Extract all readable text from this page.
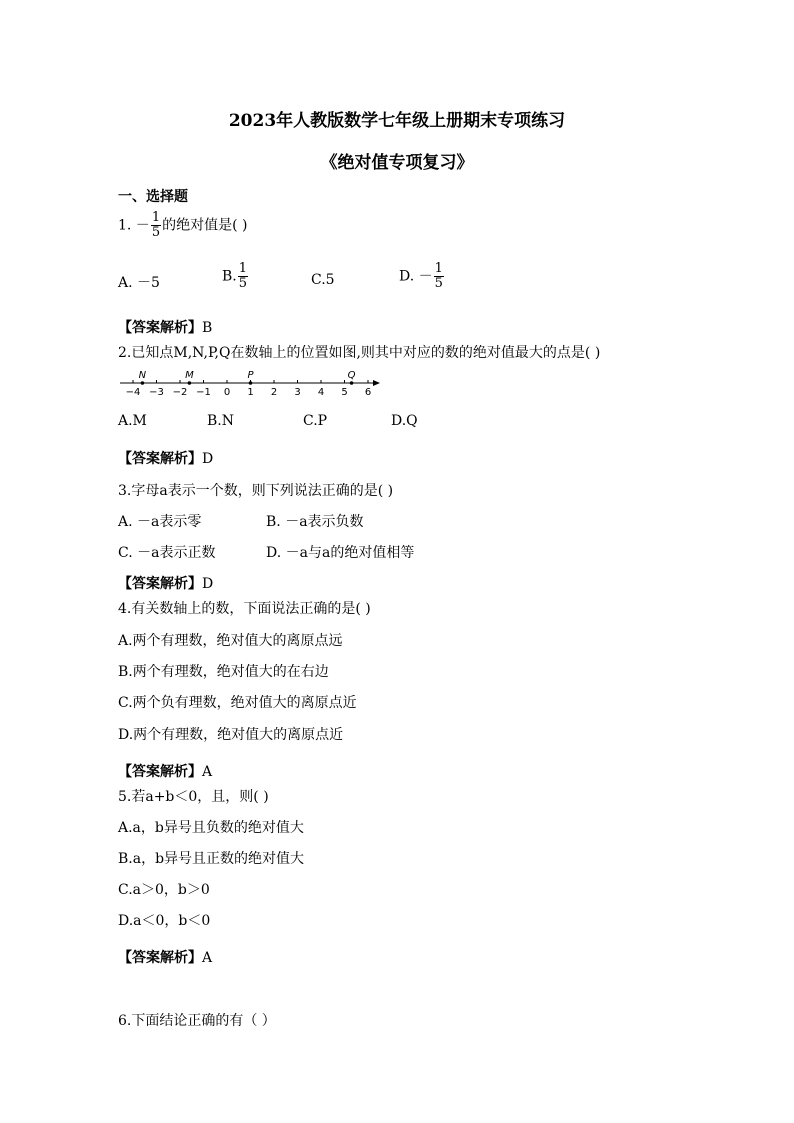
2023年人教版数学七年级上册期末专项练习
《绝对值专项复习》
一、选择题
1. － $\frac{1}{5}$ 的绝对值是( )
A. －5	B. $\frac{1}{5}$	C.5	D. － $\frac{1}{5}$
【答案解析】B
2.已知点M,N,P,Q在数轴上的位置如图,则其中对应的数的绝对值最大的点是( )
−4 −3 −2 −1 0 1 2 3 4 5 6
N	M	P	Q
A.M	B.N	C.P	D.Q
【答案解析】D
3.字母a表示一个数，则下列说法正确的是( )
A. －a表示零	B. －a表示负数
C. －a表示正数	D. －a与a的绝对值相等
【答案解析】D
4.有关数轴上的数，下面说法正确的是( )
A.两个有理数，绝对值大的离原点远
B.两个有理数，绝对值大的在右边
C.两个负有理数，绝对值大的离原点近
D.两个有理数，绝对值大的离原点近
【答案解析】A
5.若a+b＜0，且，则( )
A.a，b异号且负数的绝对值大
B.a，b异号且正数的绝对值大
C.a＞0，b＞0
D.a＜0，b＜0
【答案解析】A
6.下面结论正确的有（ ）
